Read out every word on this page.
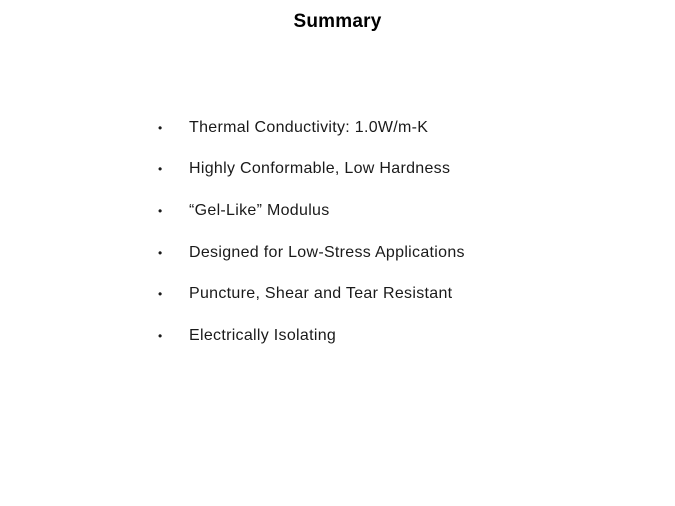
Summary
•	Thermal Conductivity: 1.0W/m-K
•	Highly Conformable, Low Hardness
•	“Gel-Like” Modulus
•	Designed for Low-Stress Applications
•	Puncture, Shear and Tear Resistant
•	Electrically Isolating
